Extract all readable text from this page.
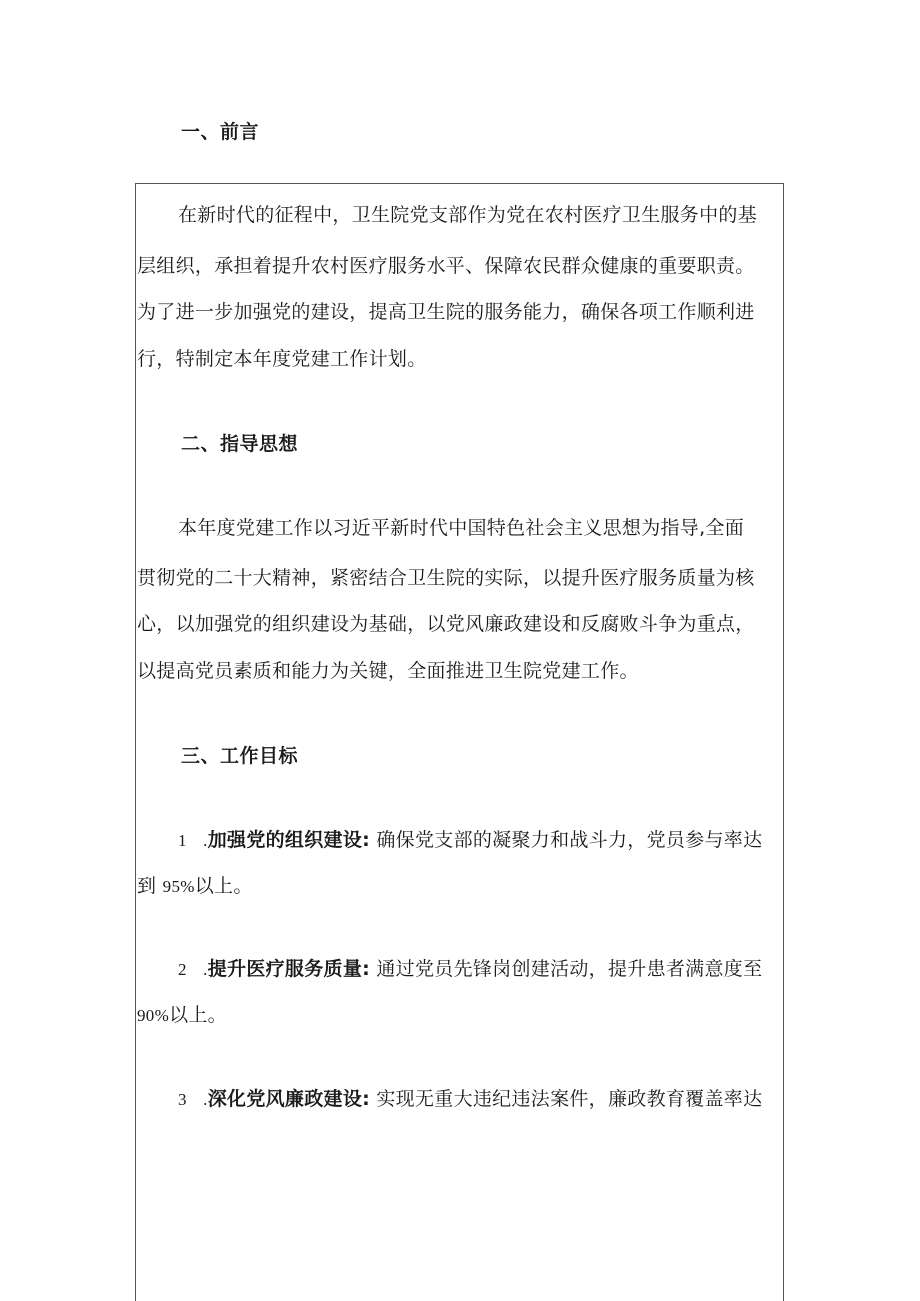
一、前言
在新时代的征程中，卫生院党支部作为党在农村医疗卫生服务中的基
层组织，承担着提升农村医疗服务水平、保障农民群众健康的重要职责。
为了进一步加强党的建设，提高卫生院的服务能力，确保各项工作顺利进
行，特制定本年度党建工作计划。
二、指导思想
本年度党建工作以习近平新时代中国特色社会主义思想为指导,全面
贯彻党的二十大精神，紧密结合卫生院的实际，以提升医疗服务质量为核
心，以加强党的组织建设为基础，以党风廉政建设和反腐败斗争为重点，
以提高党员素质和能力为关键，全面推进卫生院党建工作。
三、工作目标
1 .加强党的组织建设: 确保党支部的凝聚力和战斗力，党员参与率达
到 95%以上。
2 .提升医疗服务质量: 通过党员先锋岗创建活动，提升患者满意度至
90%以上。
3 .深化党风廉政建设: 实现无重大违纪违法案件，廉政教育覆盖率达
